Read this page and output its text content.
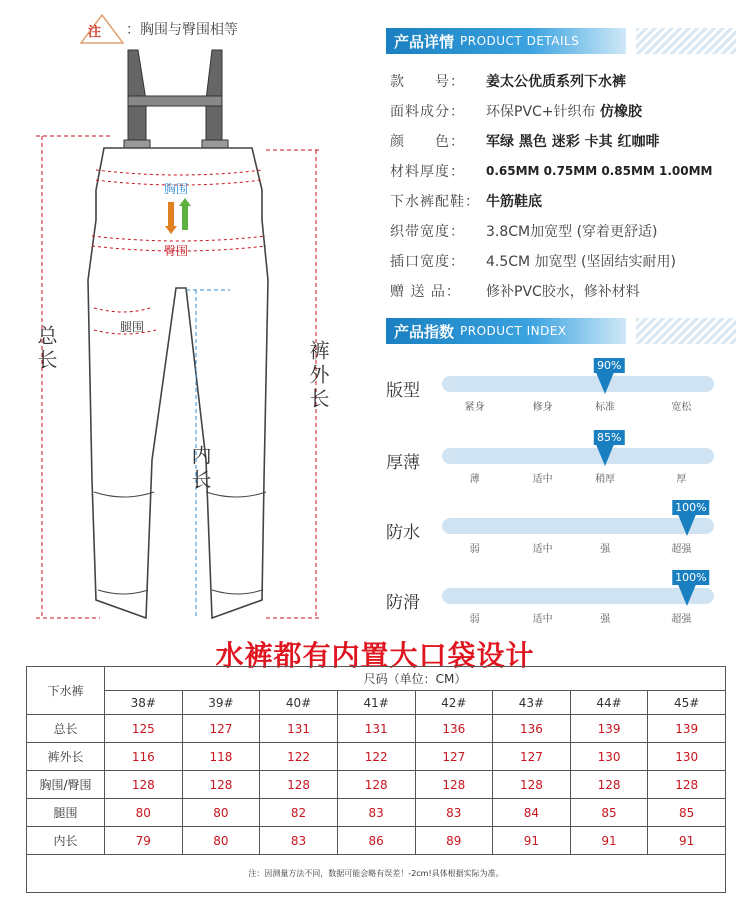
注 ：胸围与臀围相等
胸围
臀围
腿围
总长	裤外长
内长
产品详情 PRODUCT DETAILS
款　　号：	姜太公优质系列下水裤
面料成分：	环保PVC+针织布 仿橡胶
颜　　色：	军绿 黑色 迷彩 卡其 红咖啡
材料厚度：	0.65MM 0.75MM 0.85MM 1.00MM
下水裤配鞋： 牛筋鞋底
织带宽度：	3.8CM加宽型 (穿着更舒适)
插口宽度：	4.5CM 加宽型 (坚固结实耐用)
赠 送 品：	修补PVC胶水，修补材料
产品指数 PRODUCT INDEX
版型
90%
紧身	修身	标准	宽松
厚薄
85%
薄	适中	稍厚	厚
防水
100%
弱	适中	强	超强
防滑
100%
弱	适中	强	超强
水裤都有内置大口袋设计
下水裤	尺码（单位：CM）							
	38#	39#	40#	41#	42#	43#	44#	45#
总长	125	127	131	131	136	136	139	139
裤外长	116	118	122	122	127	127	130	130
胸围/臀围	128	128	128	128	128	128	128	128
腿围	80	80	82	83	83	84	85	85
内长	79	80	83	86	89	91	91	91
注：因测量方法不同，数据可能会略有误差！-2cm!具体根据实际为准。								
